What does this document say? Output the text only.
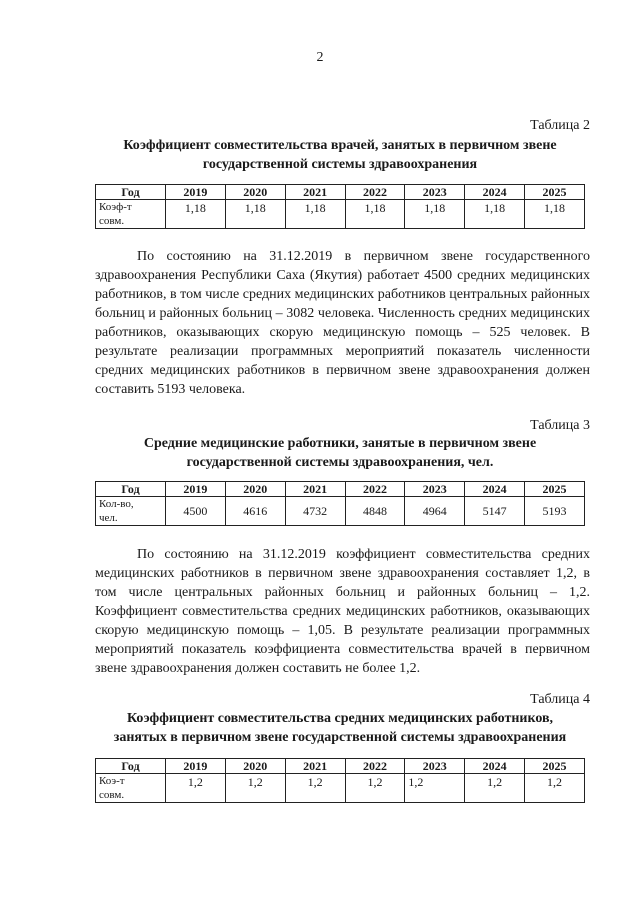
2
Таблица 2
Коэффициент совместительства врачей, занятых в первичном звене
государственной системы здравоохранения
Год	2019	2020	2021	2022	2023	2024	2025

Коэф-т
совм.	1,18	1,18	1,18	1,18	1,18	1,18	1,18

По состоянию на 31.12.2019 в первичном звене государственного здравоохранения Республики Саха (Якутия) работает 4500 средних медицинских работников, в том числе средних медицинских работников центральных районных больниц и районных больниц – 3082 человека. Численность средних медицинских работников, оказывающих скорую медицинскую помощь – 525 человек. В результате реализации программных мероприятий показатель численности средних медицинских работников в первичном звене здравоохранения должен составить 5193 человека.

Таблица 3
Средние медицинские работники, занятые в первичном звене
государственной системы здравоохранения, чел.
Год	2019	2020	2021	2022	2023	2024	2025

Кол-во,
чел.	4500	4616	4732	4848	4964	5147	5193

По состоянию на 31.12.2019 коэффициент совместительства средних медицинских работников в первичном звене здравоохранения составляет 1,2, в том числе центральных районных больниц и районных больниц – 1,2. Коэффициент совместительства средних медицинских работников, оказывающих скорую медицинскую помощь – 1,05. В результате реализации программных мероприятий показатель коэффициента совместительства врачей в первичном звене здравоохранения должен составить не более 1,2.

Таблица 4
Коэффициент совместительства средних медицинских работников,
занятых в первичном звене государственной системы здравоохранения
Год	2019	2020	2021	2022	2023	2024	2025

Коэ-т
совм.	1,2	1,2	1,2	1,2	1,2	1,2	1,2
